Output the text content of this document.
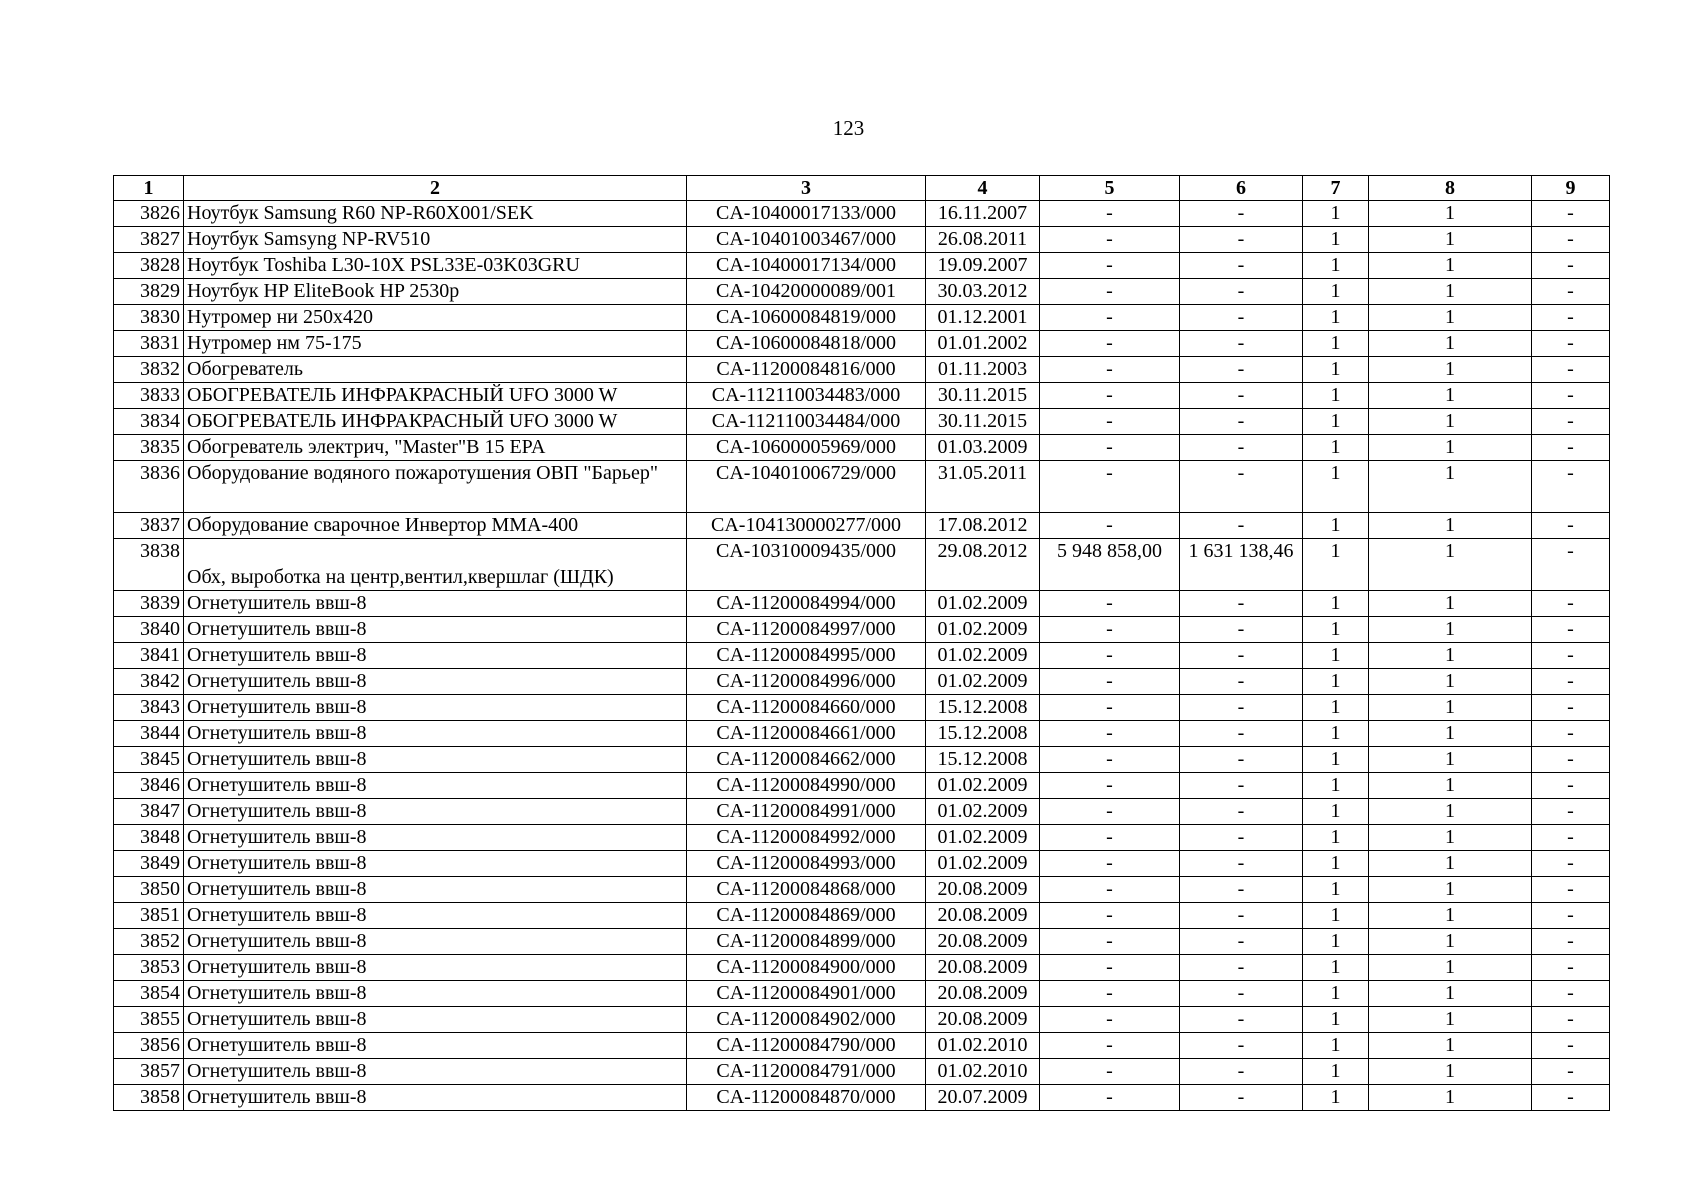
123
1	2	3	4	5	6	7	8	9
3826	Ноутбук Samsung R60 NP-R60X001/SEK	CA-10400017133/000	16.11.2007	-	-	1	1	-
3827	Ноутбук Samsyng NP-RV510	CA-10401003467/000	26.08.2011	-	-	1	1	-
3828	Ноутбук Toshiba L30-10X PSL33E-03K03GRU	CA-10400017134/000	19.09.2007	-	-	1	1	-
3829	Ноутбук HP EliteBook HP 2530p	CA-10420000089/001	30.03.2012	-	-	1	1	-
3830	Нутромер ни 250х420	CA-10600084819/000	01.12.2001	-	-	1	1	-
3831	Нутромер нм 75-175	CA-10600084818/000	01.01.2002	-	-	1	1	-
3832	Обогреватель	CA-11200084816/000	01.11.2003	-	-	1	1	-
3833	ОБОГРЕВАТЕЛЬ ИНФРАКРАСНЫЙ UFO 3000 W	CA-112110034483/000	30.11.2015	-	-	1	1	-
3834	ОБОГРЕВАТЕЛЬ ИНФРАКРАСНЫЙ UFO 3000 W	CA-112110034484/000	30.11.2015	-	-	1	1	-
3835	Обогреватель электрич, "Master"B 15 EPA	CA-10600005969/000	01.03.2009	-	-	1	1	-
3836	Оборудование водяного пожаротушения ОВП "Барьер"	CA-10401006729/000	31.05.2011	-	-	1	1	-
3837	Оборудование сварочное Инвертор ММА-400	CA-104130000277/000	17.08.2012	-	-	1	1	-
3838	Обх, выроботка на центр,вентил,квершлаг (ШДК)	CA-10310009435/000	29.08.2012	5 948 858,00	1 631 138,46	1	1	-
3839	Огнетушитель ввш-8	CA-11200084994/000	01.02.2009	-	-	1	1	-
3840	Огнетушитель ввш-8	CA-11200084997/000	01.02.2009	-	-	1	1	-
3841	Огнетушитель ввш-8	CA-11200084995/000	01.02.2009	-	-	1	1	-
3842	Огнетушитель ввш-8	CA-11200084996/000	01.02.2009	-	-	1	1	-
3843	Огнетушитель ввш-8	CA-11200084660/000	15.12.2008	-	-	1	1	-
3844	Огнетушитель ввш-8	CA-11200084661/000	15.12.2008	-	-	1	1	-
3845	Огнетушитель ввш-8	CA-11200084662/000	15.12.2008	-	-	1	1	-
3846	Огнетушитель ввш-8	CA-11200084990/000	01.02.2009	-	-	1	1	-
3847	Огнетушитель ввш-8	CA-11200084991/000	01.02.2009	-	-	1	1	-
3848	Огнетушитель ввш-8	CA-11200084992/000	01.02.2009	-	-	1	1	-
3849	Огнетушитель ввш-8	CA-11200084993/000	01.02.2009	-	-	1	1	-
3850	Огнетушитель ввш-8	CA-11200084868/000	20.08.2009	-	-	1	1	-
3851	Огнетушитель ввш-8	CA-11200084869/000	20.08.2009	-	-	1	1	-
3852	Огнетушитель ввш-8	CA-11200084899/000	20.08.2009	-	-	1	1	-
3853	Огнетушитель ввш-8	CA-11200084900/000	20.08.2009	-	-	1	1	-
3854	Огнетушитель ввш-8	CA-11200084901/000	20.08.2009	-	-	1	1	-
3855	Огнетушитель ввш-8	CA-11200084902/000	20.08.2009	-	-	1	1	-
3856	Огнетушитель ввш-8	CA-11200084790/000	01.02.2010	-	-	1	1	-
3857	Огнетушитель ввш-8	CA-11200084791/000	01.02.2010	-	-	1	1	-
3858	Огнетушитель ввш-8	CA-11200084870/000	20.07.2009	-	-	1	1	-
